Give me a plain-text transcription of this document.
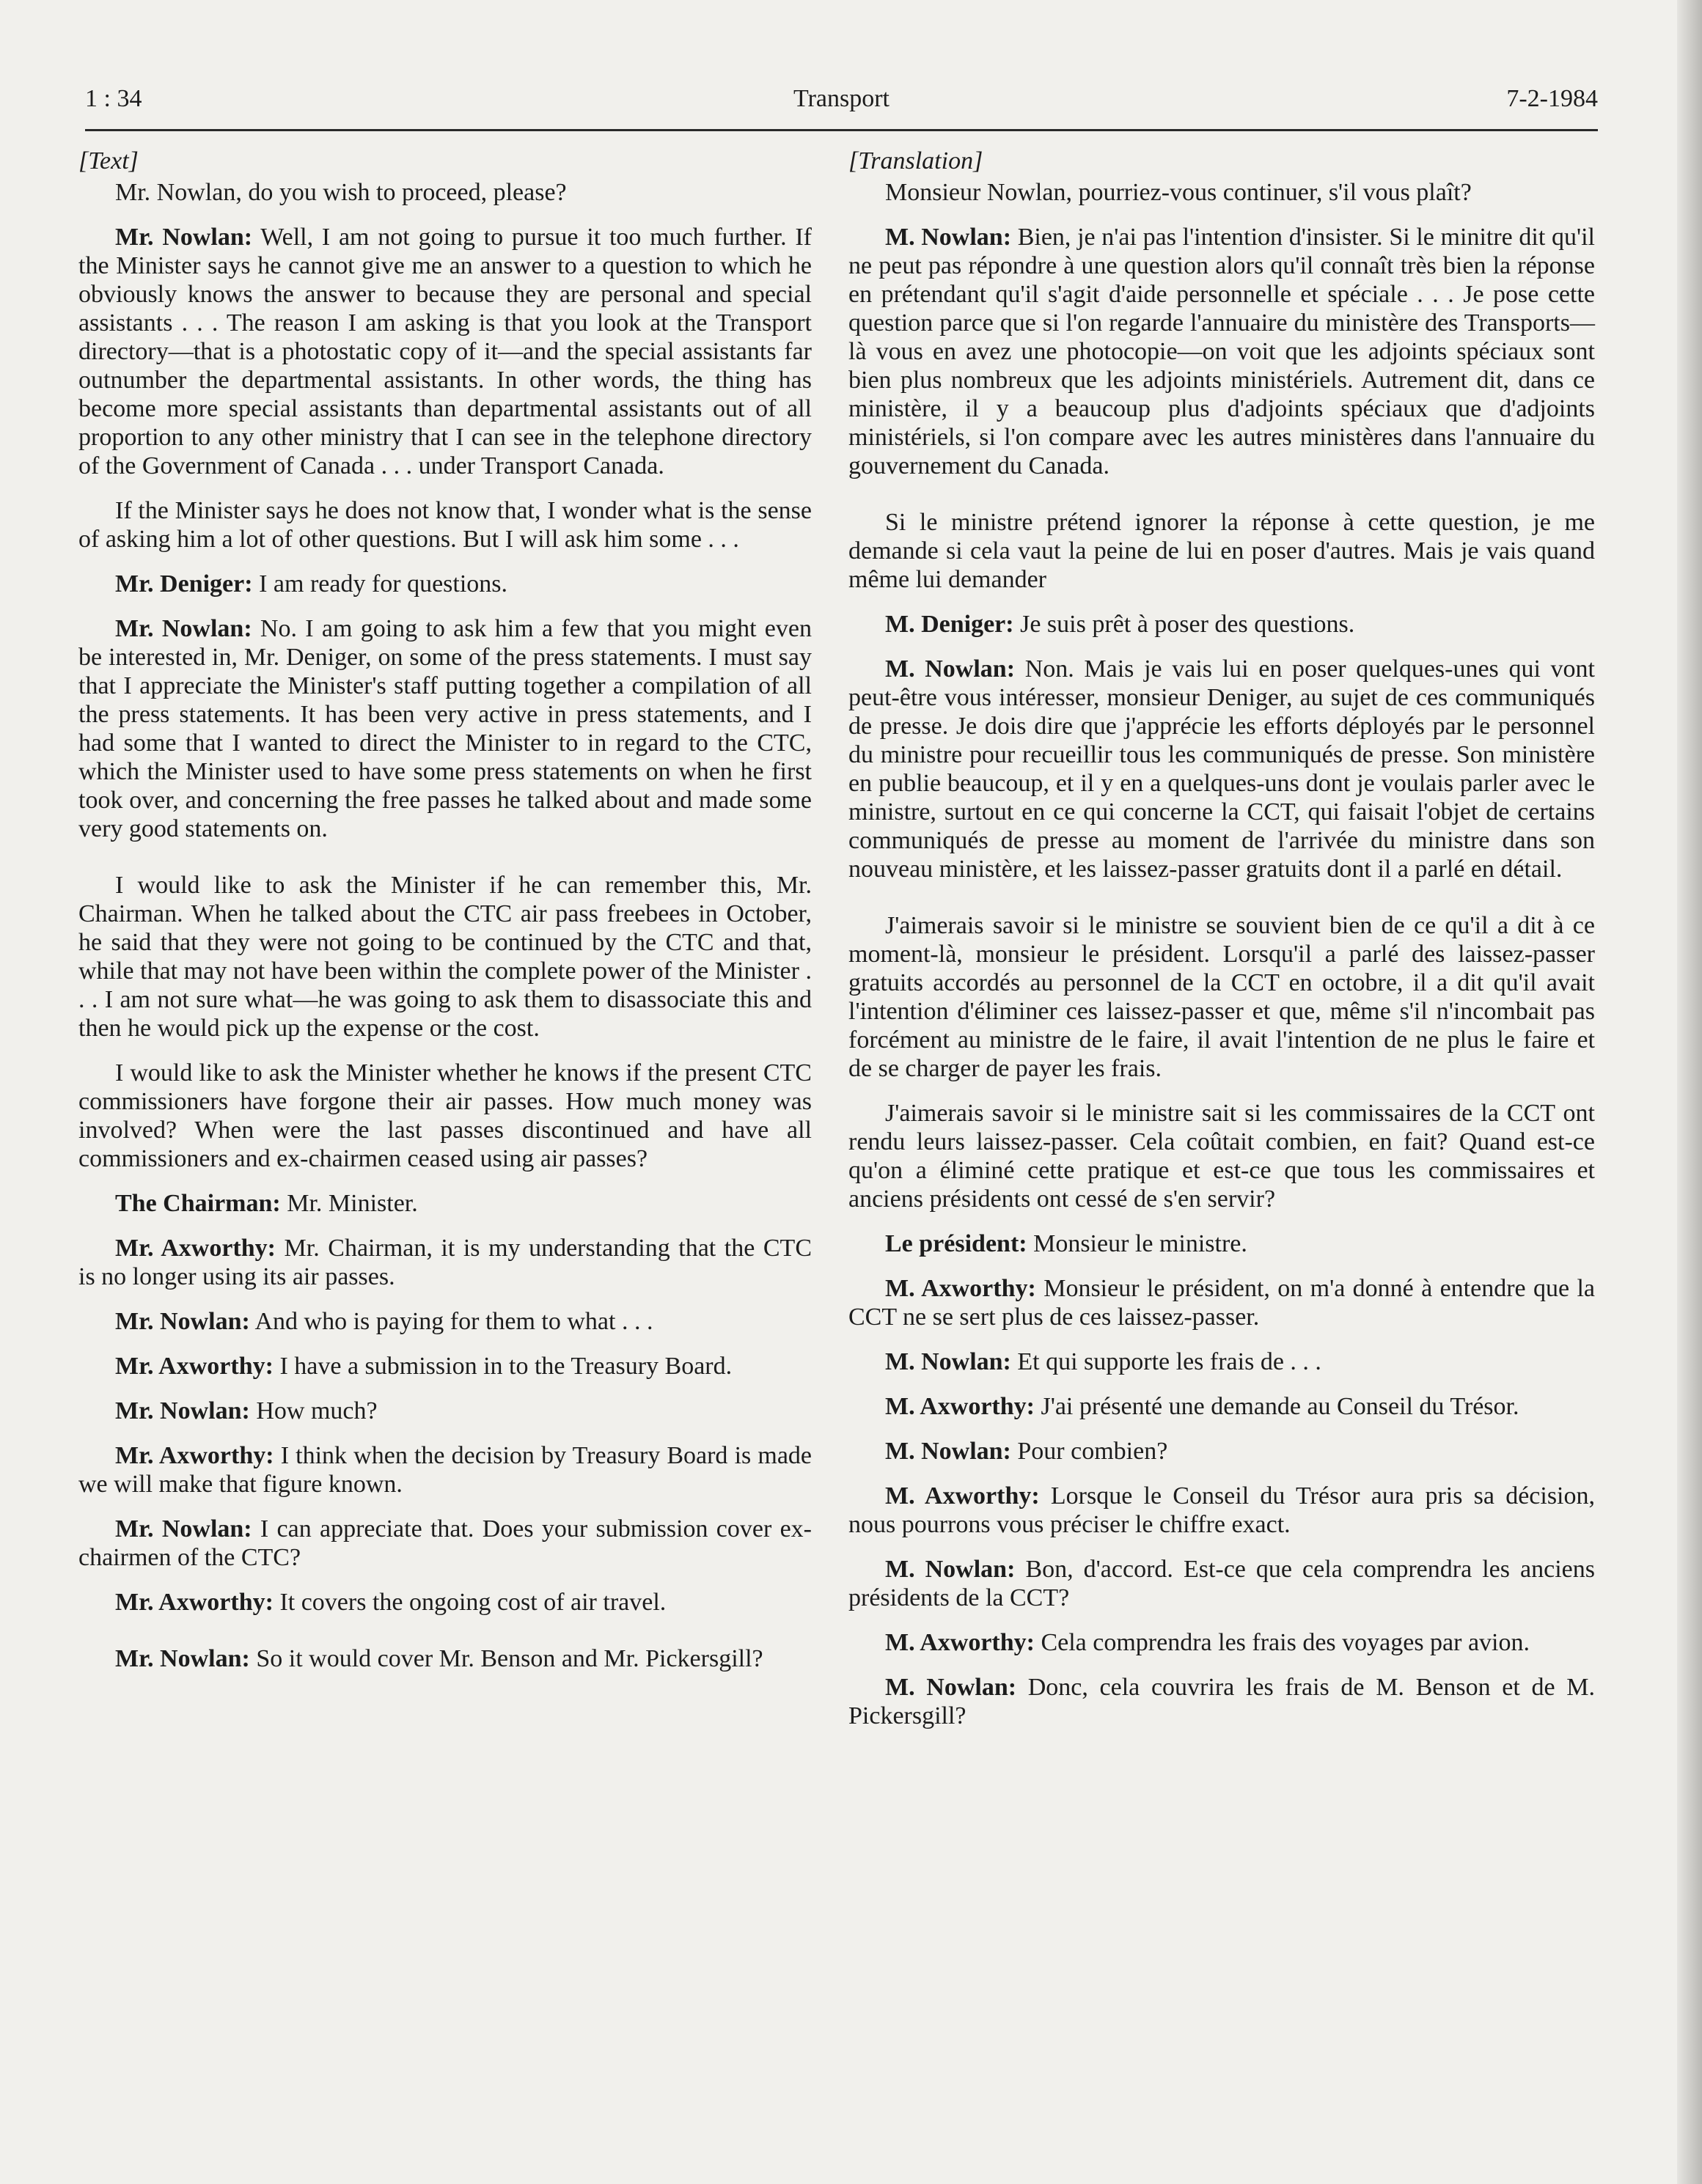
1 : 34	Transport	7-2-1984

[Text]

Mr. Nowlan, do you wish to proceed, please?

Mr. Nowlan: Well, I am not going to pursue it too much further. If the Minister says he cannot give me an answer to a question to which he obviously knows the answer to because they are personal and special assistants . . . The reason I am asking is that you look at the Transport directory—that is a photostatic copy of it—and the special assistants far outnumber the departmental assistants. In other words, the thing has become more special assistants than departmental assistants out of all proportion to any other ministry that I can see in the telephone directory of the Government of Canada . . . under Transport Canada.

If the Minister says he does not know that, I wonder what is the sense of asking him a lot of other questions. But I will ask him some . . .

Mr. Deniger: I am ready for questions.

Mr. Nowlan: No. I am going to ask him a few that you might even be interested in, Mr. Deniger, on some of the press statements. I must say that I appreciate the Minister's staff putting together a compilation of all the press statements. It has been very active in press statements, and I had some that I wanted to direct the Minister to in regard to the CTC, which the Minister used to have some press statements on when he first took over, and concerning the free passes he talked about and made some very good statements on.

I would like to ask the Minister if he can remember this, Mr. Chairman. When he talked about the CTC air pass freebees in October, he said that they were not going to be continued by the CTC and that, while that may not have been within the complete power of the Minister . . . I am not sure what—he was going to ask them to disassociate this and then he would pick up the expense or the cost.

I would like to ask the Minister whether he knows if the present CTC commissioners have forgone their air passes. How much money was involved? When were the last passes discontinued and have all commissioners and ex-chairmen ceased using air passes?

The Chairman: Mr. Minister.

Mr. Axworthy: Mr. Chairman, it is my understanding that the CTC is no longer using its air passes.

Mr. Nowlan: And who is paying for them to what . . .

Mr. Axworthy: I have a submission in to the Treasury Board.

Mr. Nowlan: How much?

Mr. Axworthy: I think when the decision by Treasury Board is made we will make that figure known.

Mr. Nowlan: I can appreciate that. Does your submission cover ex-chairmen of the CTC?

Mr. Axworthy: It covers the ongoing cost of air travel.

Mr. Nowlan: So it would cover Mr. Benson and Mr. Pickersgill?

[Translation]

Monsieur Nowlan, pourriez-vous continuer, s'il vous plaît?

M. Nowlan: Bien, je n'ai pas l'intention d'insister. Si le minitre dit qu'il ne peut pas répondre à une question alors qu'il connaît très bien la réponse en prétendant qu'il s'agit d'aide personnelle et spéciale . . . Je pose cette question parce que si l'on regarde l'annuaire du ministère des Transports—là vous en avez une photocopie—on voit que les adjoints spéciaux sont bien plus nombreux que les adjoints ministériels. Autrement dit, dans ce ministère, il y a beaucoup plus d'adjoints spéciaux que d'adjoints ministériels, si l'on compare avec les autres ministères dans l'annuaire du gouvernement du Canada.

Si le ministre prétend ignorer la réponse à cette question, je me demande si cela vaut la peine de lui en poser d'autres. Mais je vais quand même lui demander

M. Deniger: Je suis prêt à poser des questions.

M. Nowlan: Non. Mais je vais lui en poser quelques-unes qui vont peut-être vous intéresser, monsieur Deniger, au sujet de ces communiqués de presse. Je dois dire que j'apprécie les efforts déployés par le personnel du ministre pour recueillir tous les communiqués de presse. Son ministère en publie beaucoup, et il y en a quelques-uns dont je voulais parler avec le ministre, surtout en ce qui concerne la CCT, qui faisait l'objet de certains communiqués de presse au moment de l'arrivée du ministre dans son nouveau ministère, et les laissez-passer gratuits dont il a parlé en détail.

J'aimerais savoir si le ministre se souvient bien de ce qu'il a dit à ce moment-là, monsieur le président. Lorsqu'il a parlé des laissez-passer gratuits accordés au personnel de la CCT en octobre, il a dit qu'il avait l'intention d'éliminer ces laissez-passer et que, même s'il n'incombait pas forcément au ministre de le faire, il avait l'intention de ne plus le faire et de se charger de payer les frais.

J'aimerais savoir si le ministre sait si les commissaires de la CCT ont rendu leurs laissez-passer. Cela coûtait combien, en fait? Quand est-ce qu'on a éliminé cette pratique et est-ce que tous les commissaires et anciens présidents ont cessé de s'en servir?

Le président: Monsieur le ministre.

M. Axworthy: Monsieur le président, on m'a donné à entendre que la CCT ne se sert plus de ces laissez-passer.

M. Nowlan: Et qui supporte les frais de . . .

M. Axworthy: J'ai présenté une demande au Conseil du Trésor.

M. Nowlan: Pour combien?

M. Axworthy: Lorsque le Conseil du Trésor aura pris sa décision, nous pourrons vous préciser le chiffre exact.

M. Nowlan: Bon, d'accord. Est-ce que cela comprendra les anciens présidents de la CCT?

M. Axworthy: Cela comprendra les frais des voyages par avion.

M. Nowlan: Donc, cela couvrira les frais de M. Benson et de M. Pickersgill?
